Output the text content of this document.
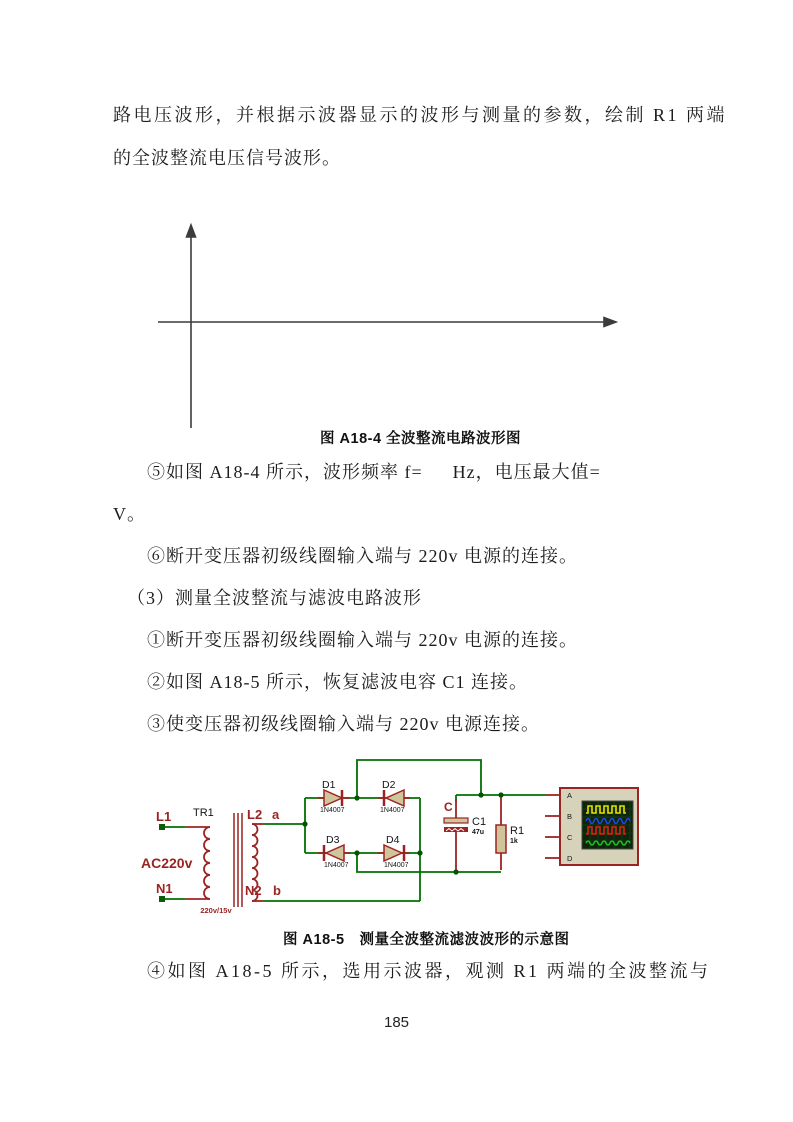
路电压波形，并根据示波器显示的波形与测量的参数，绘制 R1 两端
的全波整流电压信号波形。
图 A18-4 全波整流电路波形图
⑤如图 A18-4 所示，波形频率 f=　  Hz，电压最大值=
V。
⑥断开变压器初级线圈输入端与 220v 电源的连接。
（3）测量全波整流与滤波电路波形
①断开变压器初级线圈输入端与 220v 电源的连接。
②如图 A18-5 所示，恢复滤波电容 C1 连接。
③使变压器初级线圈输入端与 220v 电源连接。
A
B
C
D
L1
N1
AC220v
TR1
220v/15v
L2 a
N2 b
D1
1N4007
D2
1N4007
D3
1N4007
D4
1N4007
C
C1
47u R1
1k
图 A18-5　测量全波整流滤波波形的示意图
④如图 A18-5 所示，选用示波器，观测 R1 两端的全波整流与
185
